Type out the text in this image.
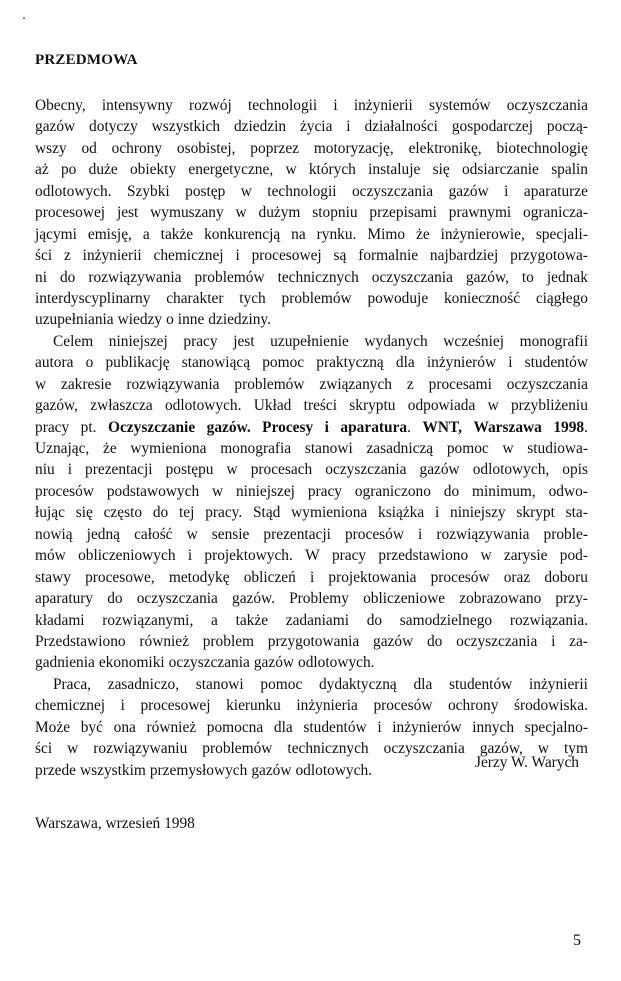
PRZEDMOWA
Obecny, intensywny rozwój technologii i inżynierii systemów oczyszczania
gazów dotyczy wszystkich dziedzin życia i działalności gospodarczej począ-
wszy od ochrony osobistej, poprzez motoryzację, elektronikę, biotechnologię
aż po duże obiekty energetyczne, w których instaluje się odsiarczanie spalin
odlotowych. Szybki postęp w technologii oczyszczania gazów i aparaturze
procesowej jest wymuszany w dużym stopniu przepisami prawnymi ogranicza-
jącymi emisję, a także konkurencją na rynku. Mimo że inżynierowie, specjali-
ści z inżynierii chemicznej i procesowej są formalnie najbardziej przygotowa-
ni do rozwiązywania problemów technicznych oczyszczania gazów, to jednak
interdyscyplinarny charakter tych problemów powoduje konieczność ciągłego
uzupełniania wiedzy o inne dziedziny.
Celem niniejszej pracy jest uzupełnienie wydanych wcześniej monografii
autora o publikację stanowiącą pomoc praktyczną dla inżynierów i studentów
w zakresie rozwiązywania problemów związanych z procesami oczyszczania
gazów, zwłaszcza odlotowych. Układ treści skryptu odpowiada w przybliżeniu
pracy pt. Oczyszczanie gazów. Procesy i aparatura. WNT, Warszawa 1998.
Uznając, że wymieniona monografia stanowi zasadniczą pomoc w studiowa-
niu i prezentacji postępu w procesach oczyszczania gazów odlotowych, opis
procesów podstawowych w niniejszej pracy ograniczono do minimum, odwo-
łując się często do tej pracy. Stąd wymieniona książka i niniejszy skrypt sta-
nowią jedną całość w sensie prezentacji procesów i rozwiązywania proble-
mów obliczeniowych i projektowych. W pracy przedstawiono w zarysie pod-
stawy procesowe, metodykę obliczeń i projektowania procesów oraz doboru
aparatury do oczyszczania gazów. Problemy obliczeniowe zobrazowano przy-
kładami rozwiązanymi, a także zadaniami do samodzielnego rozwiązania.
Przedstawiono również problem przygotowania gazów do oczyszczania i za-
gadnienia ekonomiki oczyszczania gazów odlotowych.
Praca, zasadniczo, stanowi pomoc dydaktyczną dla studentów inżynierii
chemicznej i procesowej kierunku inżynieria procesów ochrony środowiska.
Może być ona również pomocna dla studentów i inżynierów innych specjalno-
ści w rozwiązywaniu problemów technicznych oczyszczania gazów, w tym
przede wszystkim przemysłowych gazów odlotowych.	Jerzy W. Warych
Warszawa, wrzesień 1998
5
